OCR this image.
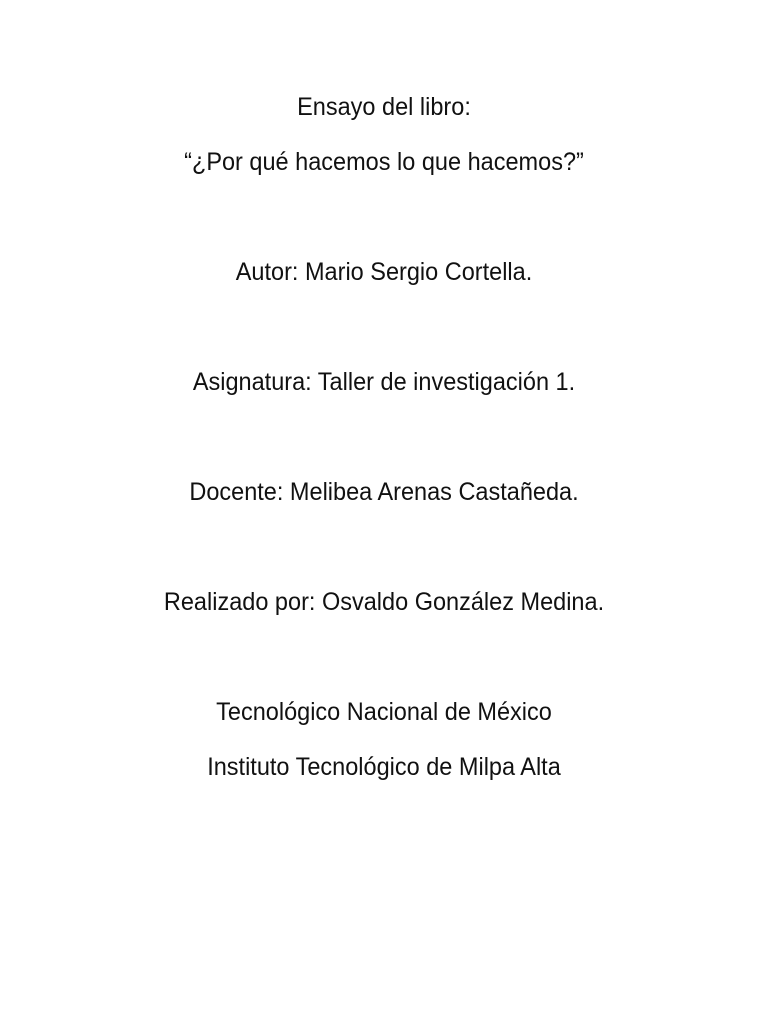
Ensayo del libro:
“¿Por qué hacemos lo que hacemos?”
Autor: Mario Sergio Cortella.
Asignatura: Taller de investigación 1.
Docente: Melibea Arenas Castañeda.
Realizado por: Osvaldo González Medina.
Tecnológico Nacional de México
Instituto Tecnológico de Milpa Alta
